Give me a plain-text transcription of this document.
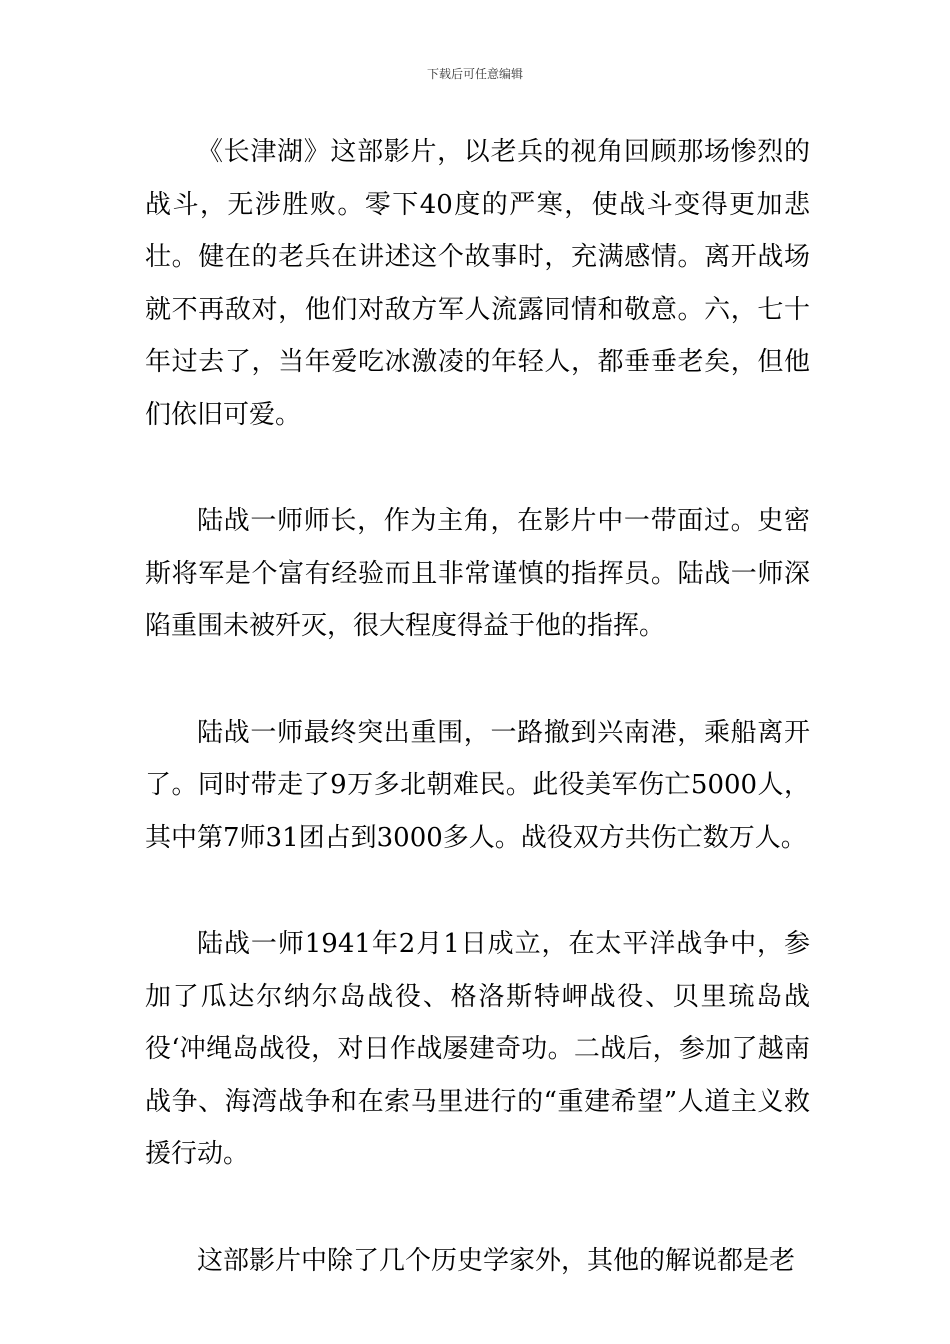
下载后可任意编辑

《长津湖》这部影片，以老兵的视角回顾那场惨烈的战斗，无涉胜败。零下40度的严寒，使战斗变得更加悲壮。健在的老兵在讲述这个故事时，充满感情。离开战场就不再敌对，他们对敌方军人流露同情和敬意。六，七十年过去了，当年爱吃冰激凌的年轻人，都垂垂老矣，但他们依旧可爱。

陆战一师师长，作为主角，在影片中一带面过。史密斯将军是个富有经验而且非常谨慎的指挥员。陆战一师深陷重围未被歼灭，很大程度得益于他的指挥。

陆战一师最终突出重围，一路撤到兴南港，乘船离开了。同时带走了9万多北朝难民。此役美军伤亡5000人，其中第7师31团占到3000多人。战役双方共伤亡数万人。

陆战一师1941年2月1日成立，在太平洋战争中，参加了瓜达尔纳尔岛战役、格洛斯特岬战役、贝里琉岛战役‘冲绳岛战役，对日作战屡建奇功。二战后，参加了越南战争、海湾战争和在索马里进行的“重建希望”人道主义救援行动。

这部影片中除了几个历史学家外，其他的解说都是老
